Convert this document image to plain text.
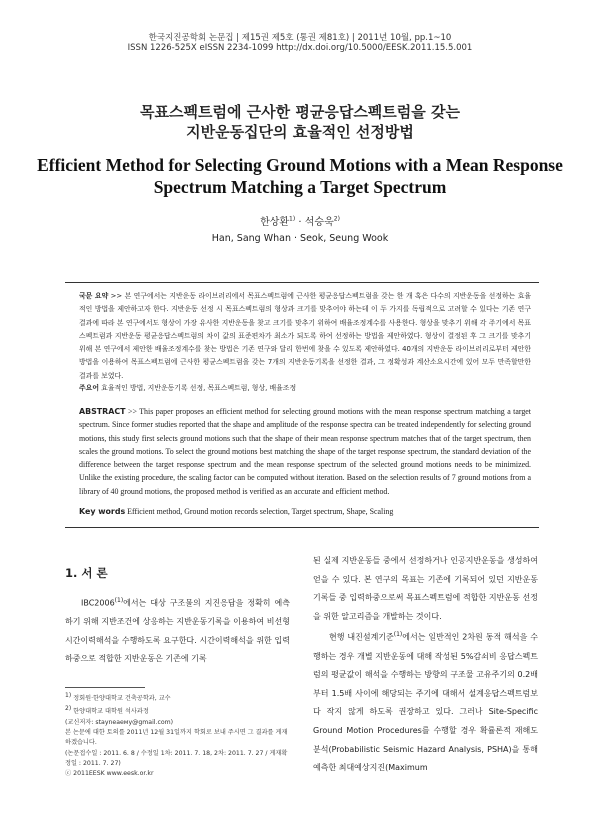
한국지진공학회 논문집 | 제15권 제5호 (통권 제81호) | 2011년 10월, pp.1~10
ISSN 1226-525X eISSN 2234-1099 http://dx.doi.org/10.5000/EESK.2011.15.5.001
목표스펙트럼에 근사한 평균응답스펙트럼을 갖는
지반운동집단의 효율적인 선정방법
Efficient Method for Selecting Ground Motions with a Mean Response
Spectrum Matching a Target Spectrum
한상환$^{1)}$ · 석승욱$^{2)}$
Han, Sang Whan · Seok, Seung Wook
국문 요약 >> 본 연구에서는 지반운동 라이브러리에서 목표스펙트럼에 근사한 평균응답스펙트럼을 갖는 한 개 혹은 다수의 지반운동을 선정하는 효율적인 방법을 제안하고자 한다. 지반운동 선정 시 목표스펙트럼의 형상과 크기를 맞추어야 하는데 이 두 가지를 독립적으로 고려할 수 있다는 기존 연구결과에 따라 본 연구에서도 형상이 가장 유사한 지반운동을 찾고 크기를 맞추기 위하여 배율조정계수를 사용한다. 형상을 맞추기 위해 각 주기에서 목표스펙트럼과 지반운동 평균응답스펙트럼의 차이 값의 표준편차가 최소가 되도록 하여 선정하는 방법을 제안하였다. 형상이 결정된 후 그 크기를 맞추기 위해 본 연구에서 제안한 배율조정계수를 찾는 방법은 기존 연구와 달리 한번에 찾을 수 있도록 제안하였다. 40개의 지반운동 라이브러리로부터 제안한 방법을 이용하여 목표스펙트럼에 근사한 평균스펙트럼을 갖는 7개의 지반운동기록을 선정한 결과, 그 정확성과 계산소요시간에 있어 모두 만족할만한 결과를 보였다.
주요어 효율적인 방법, 지반운동기록 선정, 목표스펙트럼, 형상, 배율조정
ABSTRACT >> This paper proposes an efficient method for selecting ground motions with the mean response spectrum matching a target spectrum. Since former studies reported that the shape and amplitude of the response spectra can be treated independently for selecting ground motions, this study first selects ground motions such that the shape of their mean response spectrum matches that of the target spectrum, then scales the ground motions. To select the ground motions best matching the shape of the target response spectrum, the standard deviation of the difference between the target response spectrum and the mean response spectrum of the selected ground motions needs to be minimized. Unlike the existing procedure, the scaling factor can be computed without iteration. Based on the selection results of 7 ground motions from a library of 40 ground motions, the proposed method is verified as an accurate and efficient method.
Key words Efficient method, Ground motion records selection, Target spectrum, Shape, Scaling
1. 서 론
IBC2006$^{(1)}$에서는 대상 구조물의 지진응답을 정확히 예측하기 위해 지반조건에 상응하는 지반운동기록을 이용하여 비선형 시간이력해석을 수행하도록 요구한다. 시간이력해석을 위한 입력하중으로 적합한 지반운동은 기존에 기록
된 실제 지반운동들 중에서 선정하거나 인공지반운동을 생성하여 얻을 수 있다. 본 연구의 목표는 기존에 기록되어 있던 지반운동기록들 중 입력하중으로써 목표스펙트럼에 적합한 지반운동 선정을 위한 알고리즘을 개발하는 것이다.
현행 내진설계기준$^{(1)}$에서는 일반적인 2차원 동적 해석을 수행하는 경우 개별 지반운동에 대해 작성된 5%감쇠비 응답스펙트럼의 평균값이 해석을 수행하는 방향의 구조물 고유주기의 0.2배부터 1.5배 사이에 해당되는 주기에 대해서 설계응답스펙트럼보다 작지 않게 하도록 권장하고 있다. 그러나 Site-Specific Ground Motion Procedures를 수행할 경우 확률론적 재해도 분석(Probabilistic Seismic Hazard Analysis, PSHA)을 통해 예측한 최대예상지진(Maximum

$^{1)}$ 정회원·한양대학교 건축공학과, 교수

$^{2)}$ 한양대학교 대학원 석사과정

(교신저자: stayneaему@gmail.com)

본 논문에 대한 토의를 2011년 12월 31일까지 학회로 보내 주시면 그 결과를 게재하겠습니다.

(논문접수일 : 2011. 6. 8 / 수정일 1차: 2011. 7. 18, 2차: 2011. 7. 27 / 게재확정일 : 2011. 7. 27)

ⓒ 2011EESK www.eesk.or.kr
